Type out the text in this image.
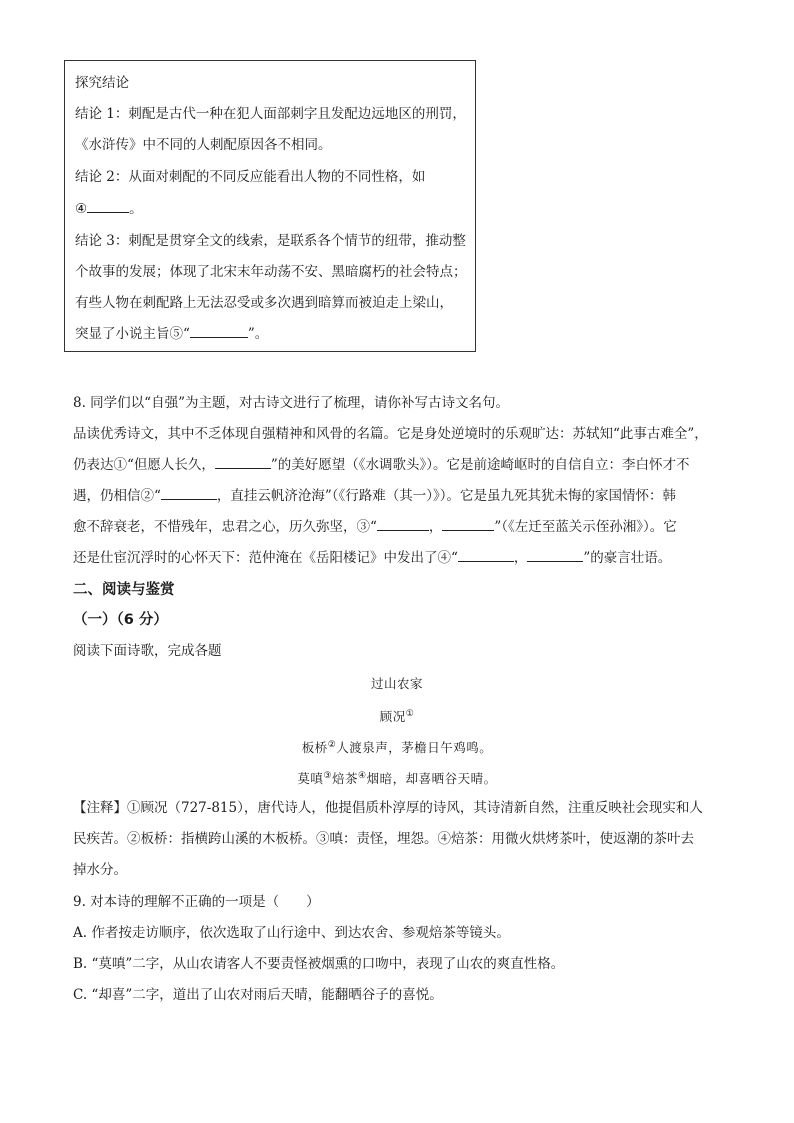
探究结论
结论 1：刺配是古代一种在犯人面部刺字且发配边远地区的刑罚，
《水浒传》中不同的人刺配原因各不相同。
结论 2：从面对刺配的不同反应能看出人物的不同性格，如
④	。
结论 3：刺配是贯穿全文的线索，是联系各个情节的纽带，推动整
个故事的发展；体现了北宋末年动荡不安、黑暗腐朽的社会特点；
有些人物在刺配路上无法忍受或多次遇到暗算而被迫走上梁山，
突显了小说主旨⑤“	”。
8. 同学们以“自强”为主题，对古诗文进行了梳理，请你补写古诗文名句。
品读优秀诗文，其中不乏体现自强精神和风骨的名篇。它是身处逆境时的乐观旷达：苏轼知“此事古难全”，
仍表达①“但愿人长久，	”的美好愿望（《水调歌头》）。它是前途崎岖时的自信自立：李白怀才不
遇，仍相信②“	，直挂云帆济沧海”（《行路难（其一）》）。它是虽九死其犹未悔的家国情怀：韩
愈不辞衰老，不惜残年，忠君之心，历久弥坚，③“	，	”（《左迁至蓝关示侄孙湘》）。它
还是仕宦沉浮时的心怀天下：范仲淹在《岳阳楼记》中发出了④“	，	”的豪言壮语。
二、阅读与鉴赏
（一）（6 分）
阅读下面诗歌，完成各题
过山农家
顾况①
板桥②人渡泉声，茅檐日午鸡鸣。
莫嗔③焙茶④烟暗，却喜晒谷天晴。
【注释】①顾况（727-815），唐代诗人，他提倡质朴淳厚的诗风，其诗清新自然，注重反映社会现实和人
民疾苦。②板桥：指横跨山溪的木板桥。③嗔：责怪，埋怨。④焙茶：用微火烘烤茶叶，使返潮的茶叶去
掉水分。
9. 对本诗的理解不正确的一项是（　　）
A. 作者按走访顺序，依次选取了山行途中、到达农舍、参观焙茶等镜头。
B. “莫嗔”二字，从山农请客人不要责怪被烟熏的口吻中，表现了山农的爽直性格。
C. “却喜”二字，道出了山农对雨后天晴，能翻晒谷子的喜悦。
